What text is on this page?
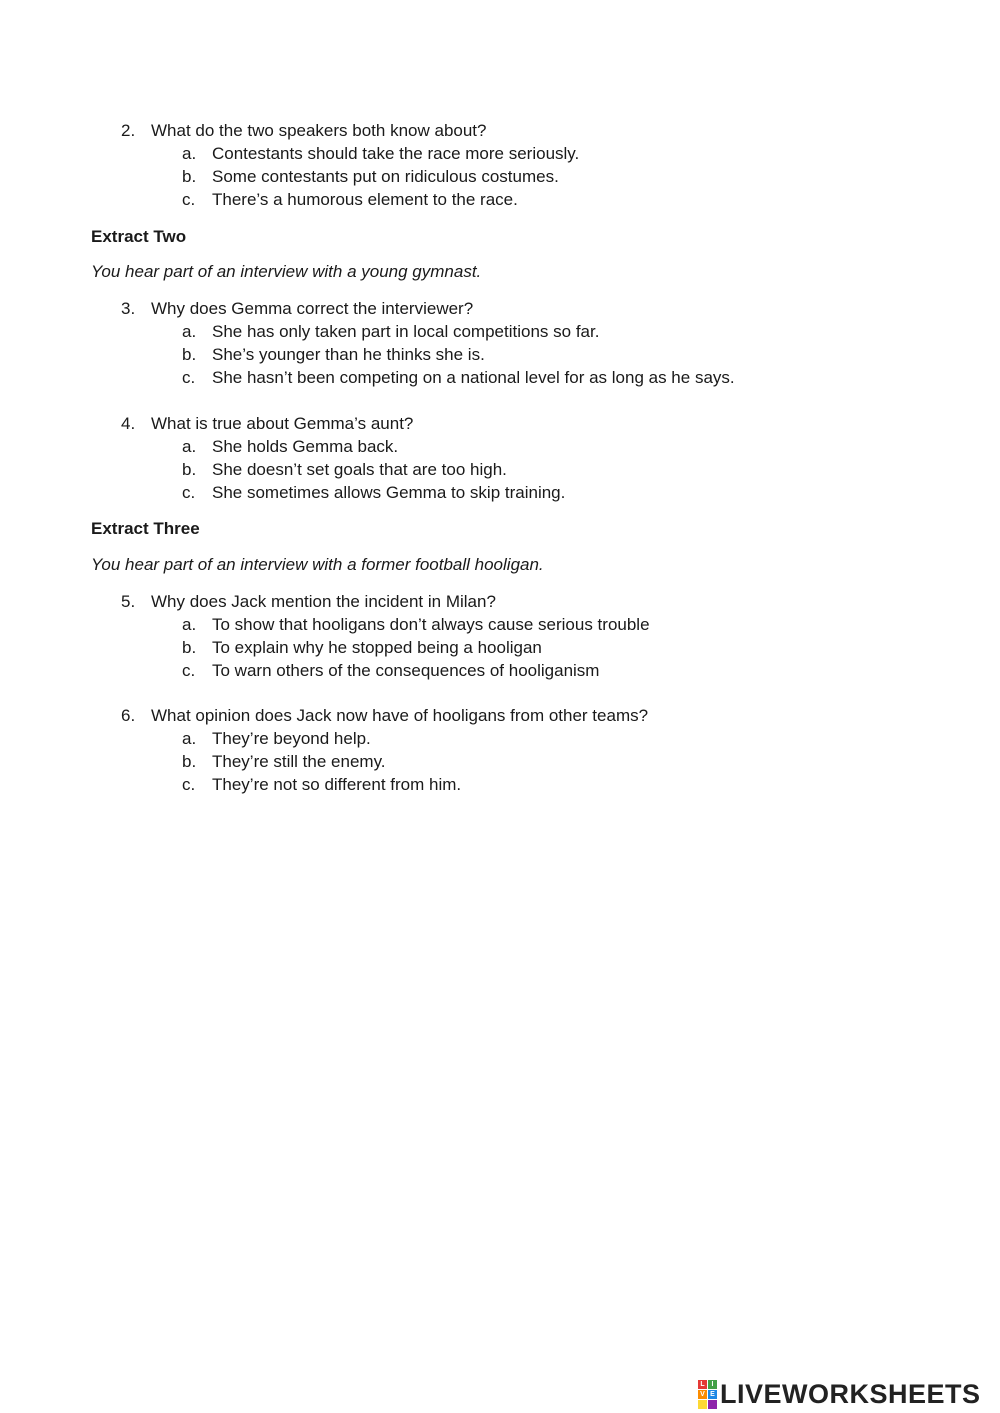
2. What do the two speakers both know about?
a. Contestants should take the race more seriously.
b. Some contestants put on ridiculous costumes.
c. There’s a humorous element to the race.
Extract Two
You hear part of an interview with a young gymnast.
3. Why does Gemma correct the interviewer?
a. She has only taken part in local competitions so far.
b. She’s younger than he thinks she is.
c. She hasn’t been competing on a national level for as long as he says.
4. What is true about Gemma’s aunt?
a. She holds Gemma back.
b. She doesn’t set goals that are too high.
c. She sometimes allows Gemma to skip training.
Extract Three
You hear part of an interview with a former football hooligan.
5. Why does Jack mention the incident in Milan?
a. To show that hooligans don’t always cause serious trouble
b. To explain why he stopped being a hooligan
c. To warn others of the consequences of hooliganism
6. What opinion does Jack now have of hooligans from other teams?
a. They’re beyond help.
b. They’re still the enemy.
c. They’re not so different from him.
L I
V E LIVEWORKSHEETS
